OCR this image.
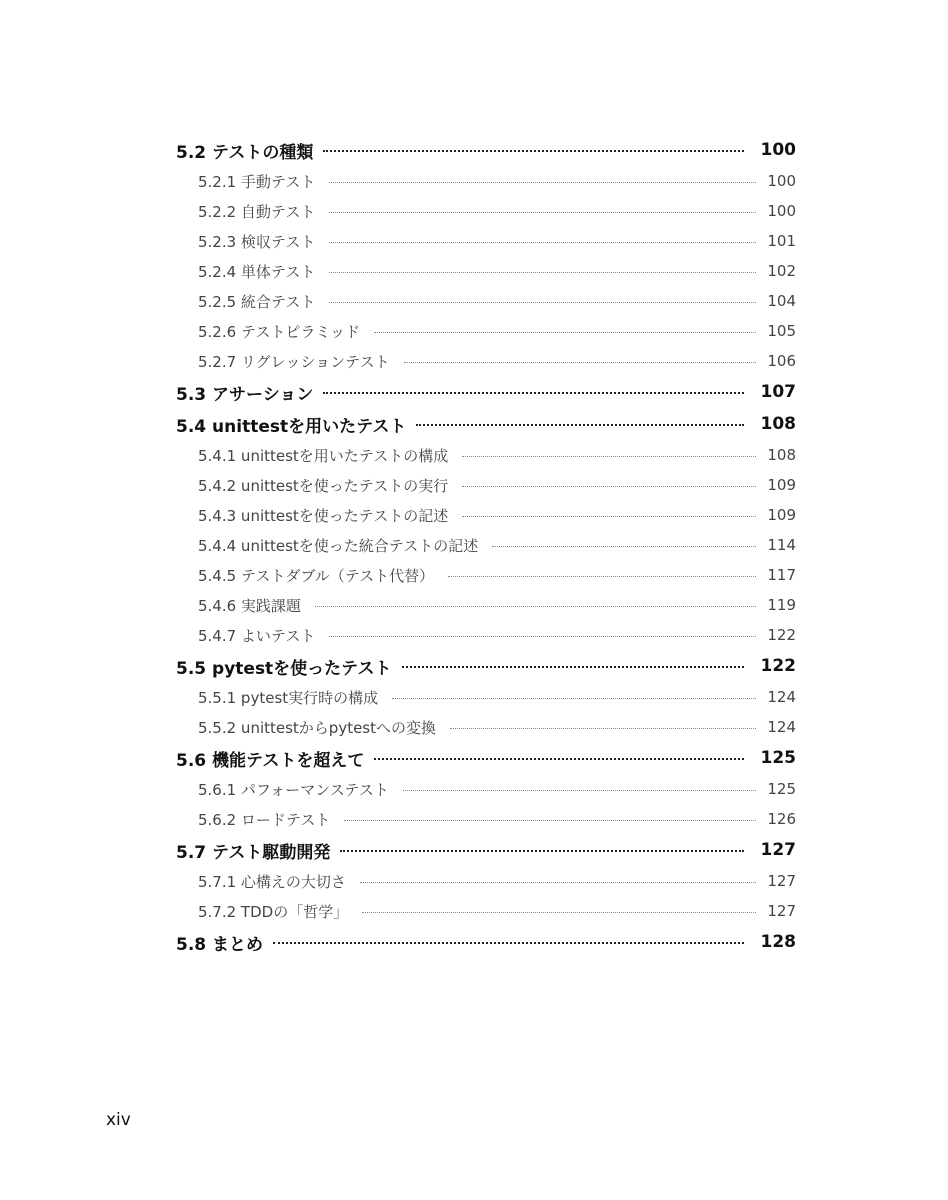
5.2 テストの種類	100
5.2.1 手動テスト	100
5.2.2 自動テスト	100
5.2.3 検収テスト	101
5.2.4 単体テスト	102
5.2.5 統合テスト	104
5.2.6 テストピラミッド	105
5.2.7 リグレッションテスト	106
5.3 アサーション	107
5.4 unittestを用いたテスト	108
5.4.1 unittestを用いたテストの構成	108
5.4.2 unittestを使ったテストの実行	109
5.4.3 unittestを使ったテストの記述	109
5.4.4 unittestを使った統合テストの記述	114
5.4.5 テストダブル（テスト代替）	117
5.4.6 実践課題	119
5.4.7 よいテスト	122
5.5 pytestを使ったテスト	122
5.5.1 pytest実行時の構成	124
5.5.2 unittestからpytestへの変換	124
5.6 機能テストを超えて	125
5.6.1 パフォーマンステスト	125
5.6.2 ロードテスト	126
5.7 テスト駆動開発	127
5.7.1 心構えの大切さ	127
5.7.2 TDDの「哲学」	127
5.8 まとめ	128
xiv
